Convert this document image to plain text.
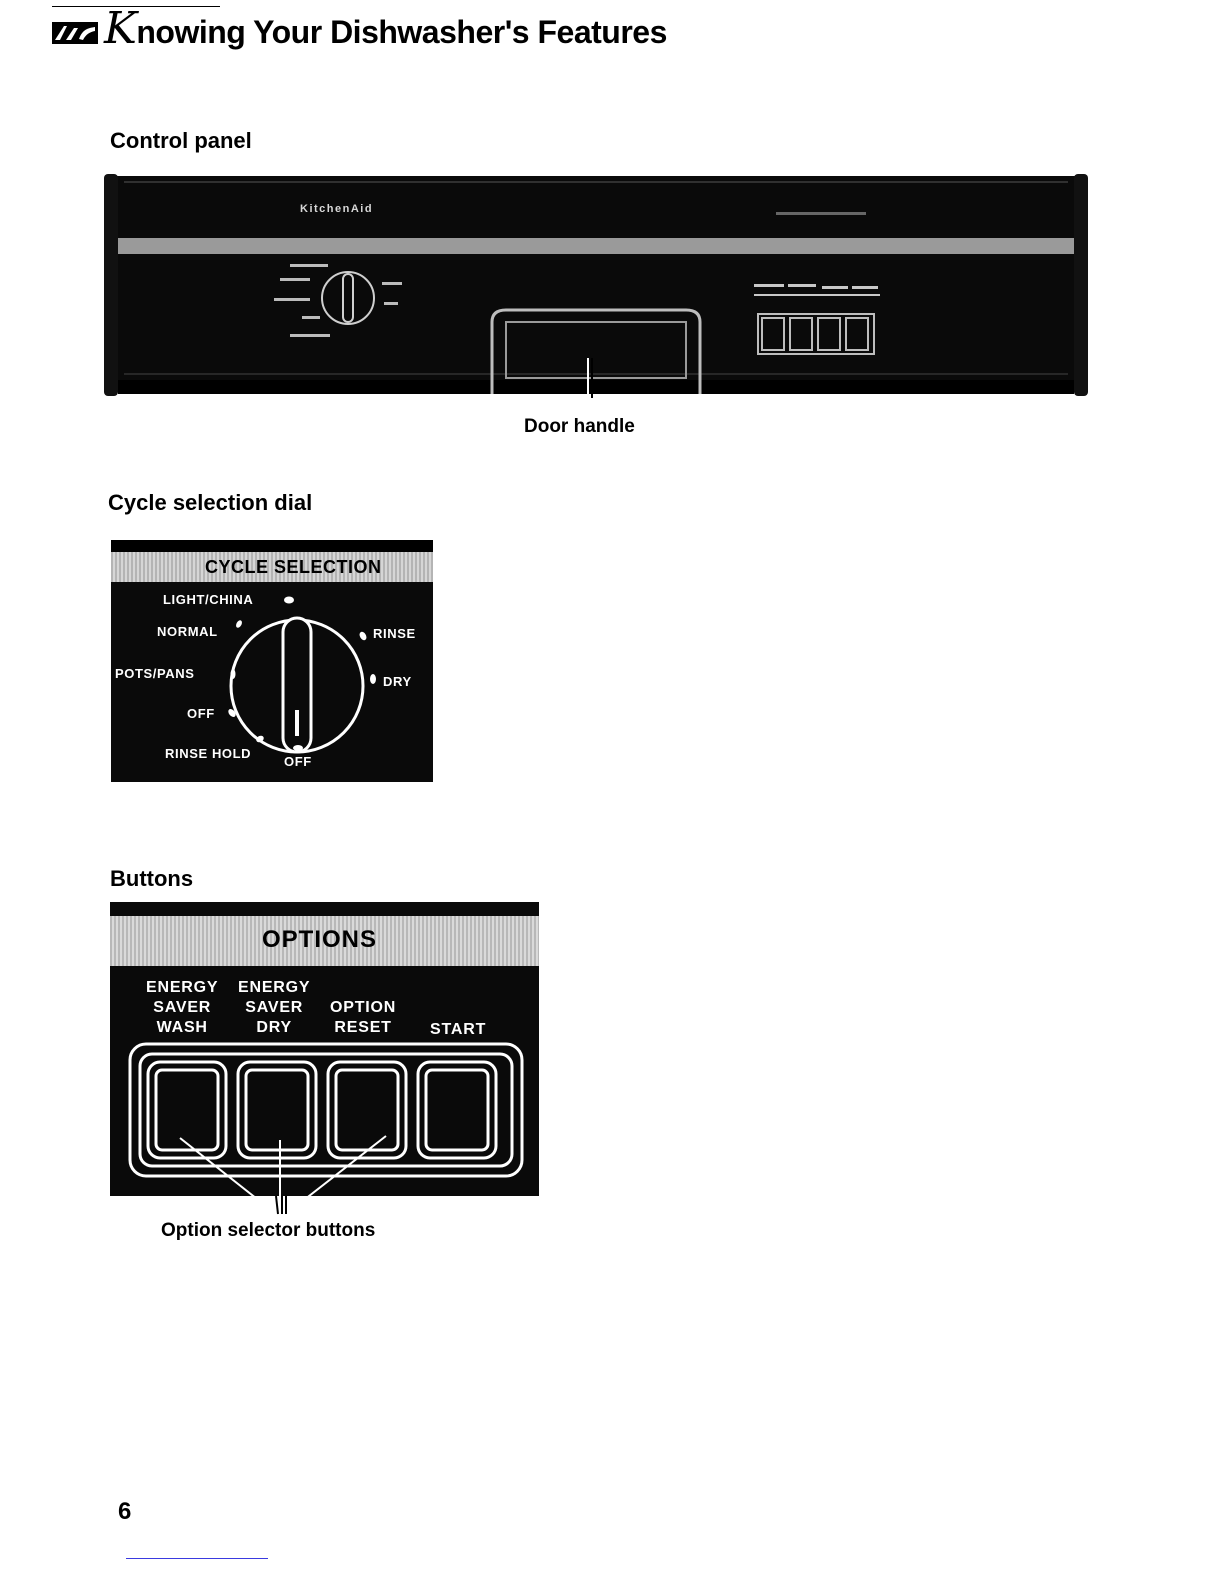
Knowing Your Dishwasher's Features
Control panel
KitchenAid
Door handle
Cycle selection dial
CYCLE SELECTION
LIGHT/CHINA
NORMAL
POTS/PANS
OFF
RINSE HOLD
OFF
RINSE
DRY
Buttons
OPTIONS
ENERGY
SAVER
WASH
ENERGY
SAVER
DRY
OPTION
RESET START
Option selector buttons
6
